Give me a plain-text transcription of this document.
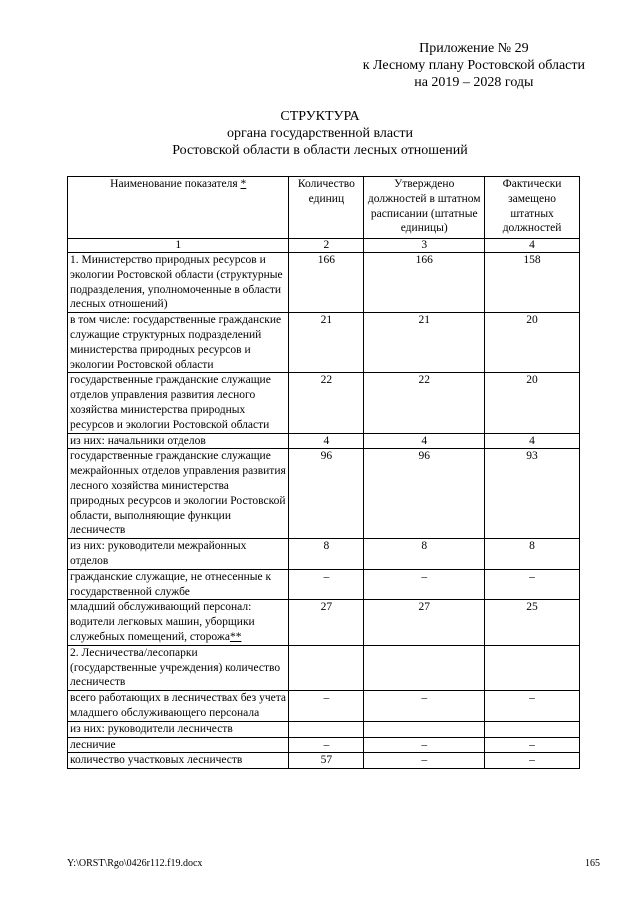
Приложение № 29
к Лесному плану Ростовской области
на 2019 – 2028 годы
СТРУКТУРА
органа государственной власти
Ростовской области в области лесных отношений
Наименование показателя *	Количество единиц	Утверждено должностей в штатном расписании (штатные единицы)	Фактически замещено штатных должностей
1	2	3	4
1. Министерство природных ресурсов и экологии Ростовской области (структурные подразделения, уполномоченные в области лесных отношений)	166	166	158
в том числе: государственные гражданские служащие структурных подразделений министерства природных ресурсов и экологии Ростовской области	21	21	20
государственные гражданские служащие отделов управления развития лесного хозяйства министерства природных ресурсов и экологии Ростовской области	22	22	20
из них: начальники отделов	4	4	4
государственные гражданские служащие межрайонных отделов управления развития лесного хозяйства министерства природных ресурсов и экологии Ростовской области, выполняющие функции лесничеств	96	96	93
из них: руководители межрайонных отделов	8	8	8
гражданские служащие, не отнесенные к государственной службе	–	–	–
младший обслуживающий персонал: водители легковых машин, уборщики служебных помещений, сторожа**	27	27	25
2. Лесничества/лесопарки (государственные учреждения) количество лесничеств			
всего работающих в лесничествах без учета младшего обслуживающего персонала	–	–	–
из них: руководители лесничеств			
лесничие	–	–	–
количество участковых лесничеств	57	–	–
Y:\ORST\Rgo\0426r112.f19.docx	165
